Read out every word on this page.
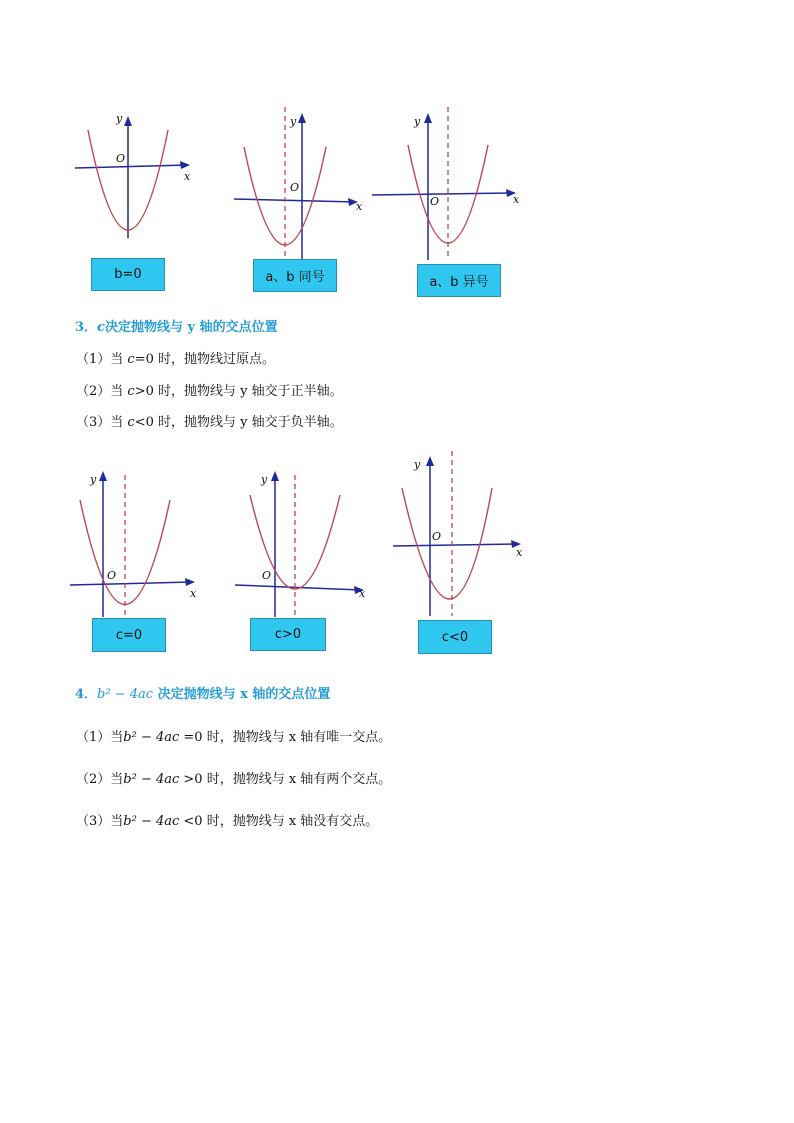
y
O
x
b=0
y
O
x
a、b 同号
y
O	x
a、b 异号
3．c决定抛物线与 y 轴的交点位置
（1）当 c=0 时，抛物线过原点。
（2）当 c>0 时，抛物线与 y 轴交于正半轴。
（3）当 c<0 时，抛物线与 y 轴交于负半轴。
y
O
x
c=0
y
O
x
c>0
y
O
x
c<0
4．b² − 4ac 决定抛物线与 x 轴的交点位置
（1）当b² − 4ac =0 时，抛物线与 x 轴有唯一交点。
（2）当b² − 4ac >0 时，抛物线与 x 轴有两个交点。
（3）当b² − 4ac <0 时，抛物线与 x 轴没有交点。
